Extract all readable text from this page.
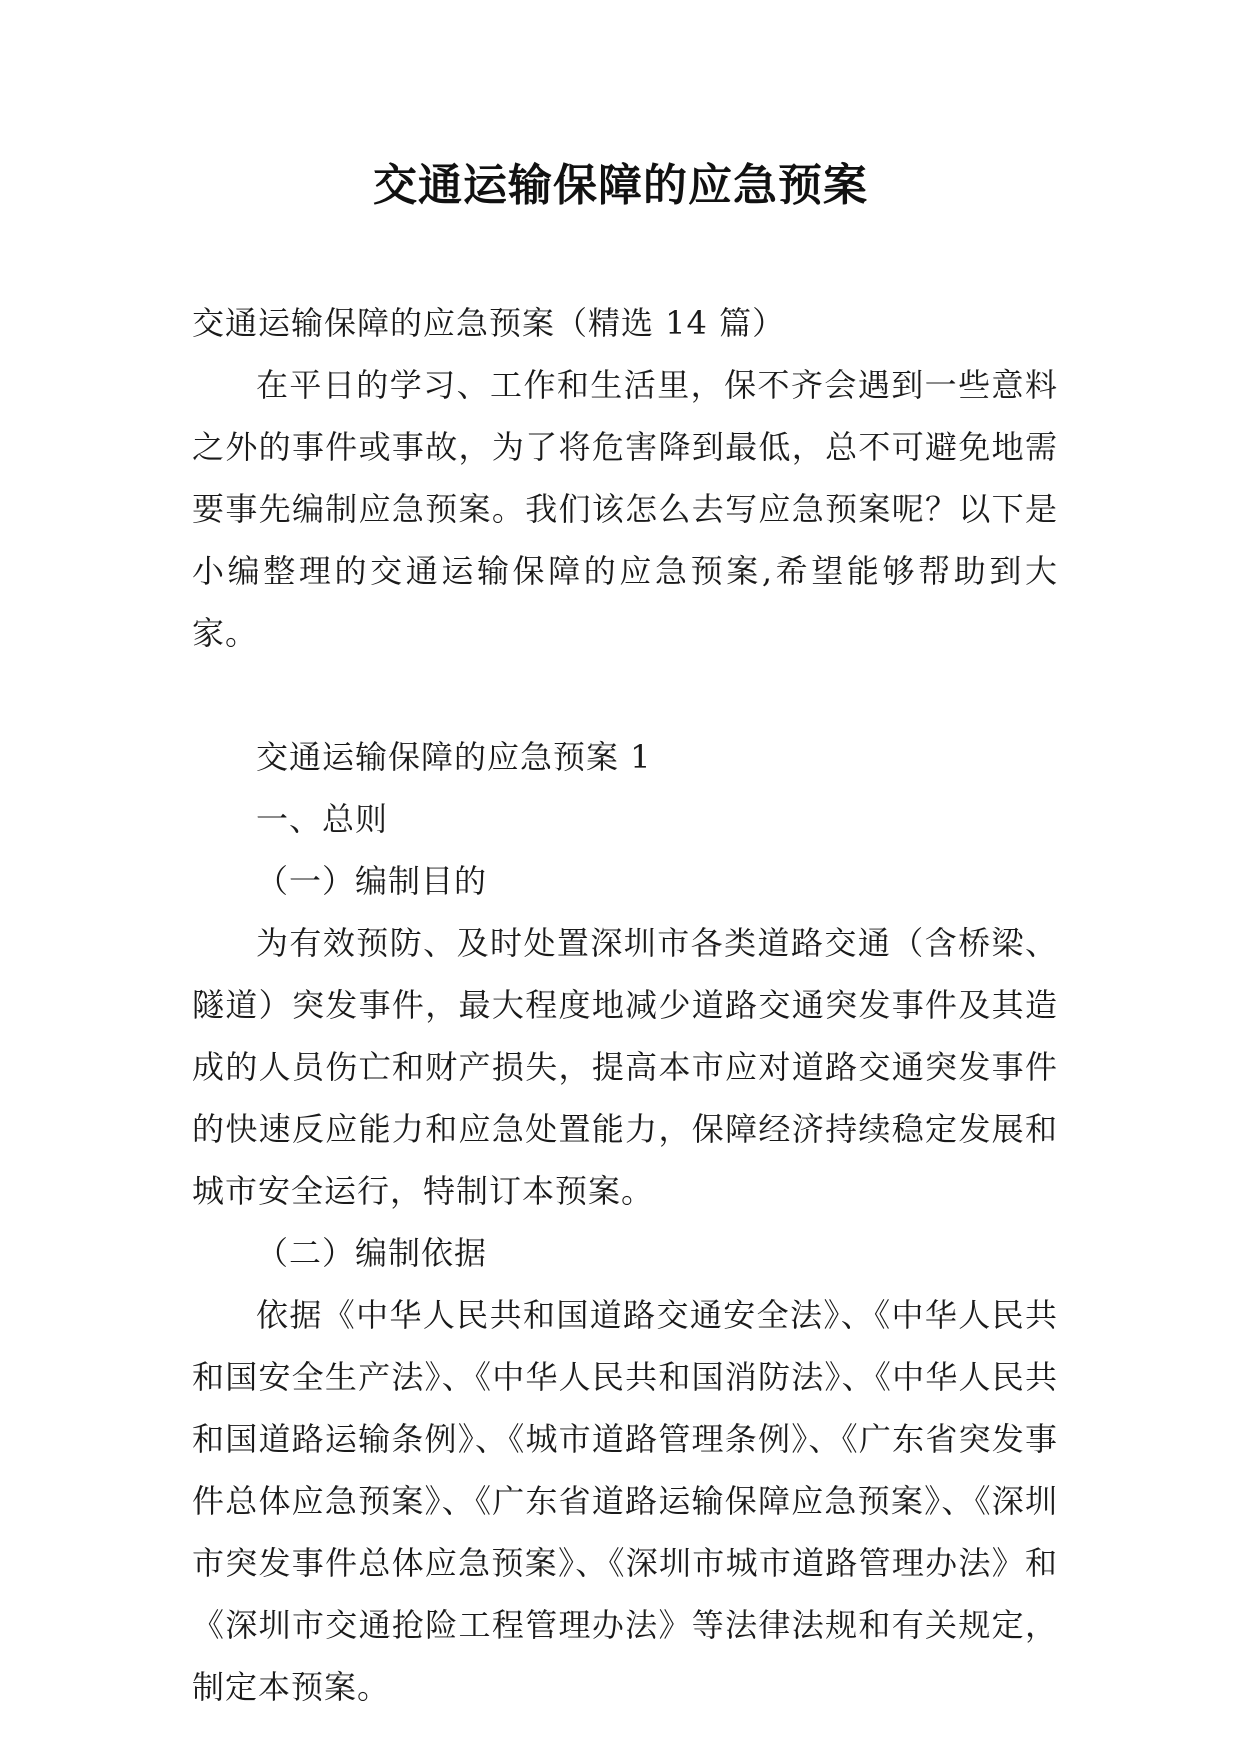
交通运输保障的应急预案

交通运输保障的应急预案（精选 14 篇）

在平日的学习、工作和生活里，保不齐会遇到一些意料之外的事件或事故，为了将危害降到最低，总不可避免地需要事先编制应急预案。我们该怎么去写应急预案呢？以下是小编整理的交通运输保障的应急预案,希望能够帮助到大家。

交通运输保障的应急预案 1

一、总则

（一）编制目的

为有效预防、及时处置深圳市各类道路交通（含桥梁、隧道）突发事件，最大程度地减少道路交通突发事件及其造成的人员伤亡和财产损失，提高本市应对道路交通突发事件的快速反应能力和应急处置能力，保障经济持续稳定发展和城市安全运行，特制订本预案。

（二）编制依据

依据《中华人民共和国道路交通安全法》、《中华人民共和国安全生产法》、《中华人民共和国消防法》、《中华人民共和国道路运输条例》、《城市道路管理条例》、《广东省突发事件总体应急预案》、《广东省道路运输保障应急预案》、《深圳市突发事件总体应急预案》、《深圳市城市道路管理办法》和《深圳市交通抢险工程管理办法》等法律法规和有关规定，制定本预案。
